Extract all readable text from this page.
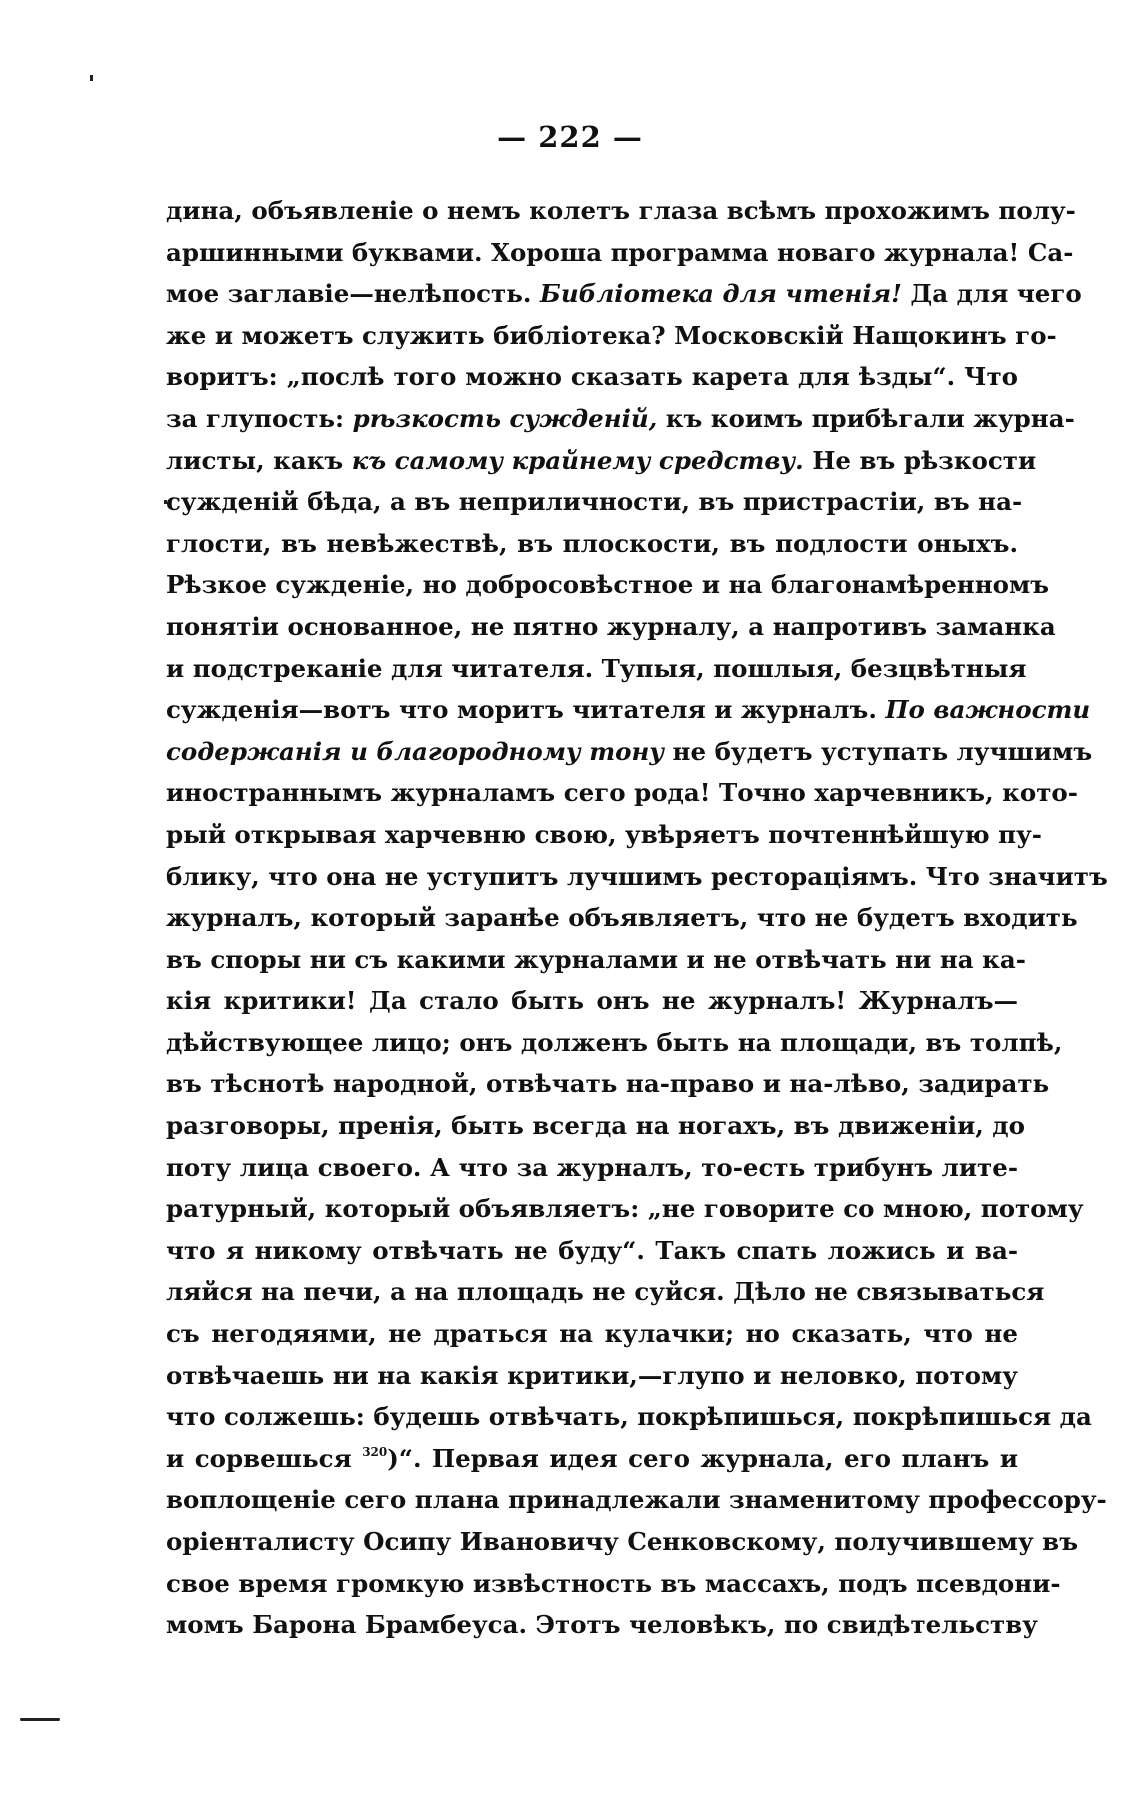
— 222 —
дина, объявленіе о немъ колетъ глаза всѣмъ прохожимъ полу-
аршинными буквами. Хороша программа новаго журнала! Са-
мое заглавіе—нелѣпость. Библіотека для чтенія! Да для чего
же и можетъ служить библіотека? Московскій Нащокинъ го-
воритъ: „послѣ того можно сказать карета для ѣзды“. Что
за глупость: рѣзкость сужденій, къ коимъ прибѣгали журна-
листы, какъ къ самому крайнему средству. Не въ рѣзкости
сужденій бѣда, а въ неприличности, въ пристрастіи, въ на-
глости, въ невѣжествѣ, въ плоскости, въ подлости оныхъ.
Рѣзкое сужденіе, но добросовѣстное и на благонамѣренномъ
понятіи основанное, не пятно журналу, а напротивъ заманка
и подстреканіе для читателя. Тупыя, пошлыя, безцвѣтныя
сужденія—вотъ что моритъ читателя и журналъ. По важности
содержанія и благородному тону не будетъ уступать лучшимъ
иностраннымъ журналамъ сего рода! Точно харчевникъ, кото-
рый открывая харчевню свою, увѣряетъ почтеннѣйшую пу-
блику, что она не уступитъ лучшимъ ресторацiямъ. Что значитъ
журналъ, который заранѣе объявляетъ, что не будетъ входить
въ споры ни съ какими журналами и не отвѣчать ни на ка-
кія критики! Да стало быть онъ не журналъ! Журналъ—
дѣйствующее лицо; онъ долженъ быть на площади, въ толпѣ,
въ тѣснотѣ народной, отвѣчать на-право и на-лѣво, задирать
разговоры, пренія, быть всегда на ногахъ, въ движеніи, до
поту лица своего. А что за журналъ, то-есть трибунъ лите-
ратурный, который объявляетъ: „не говорите со мною, потому
что я никому отвѣчать не буду“. Такъ спать ложись и ва-
ляйся на печи, а на площадь не суйся. Дѣло не связываться
съ негодяями, не драться на кулачки; но сказать, что не
отвѣчаешь ни на какія критики,—глупо и неловко, потому
что солжешь: будешь отвѣчать, покрѣпишься, покрѣпишься да
и сорвешься $^{320}$)“. Первая идея сего журнала, его планъ и
воплощеніе сего плана принадлежали знаменитому профессору-
оріенталисту Осипу Ивановичу Сенковскому, получившему въ
свое время громкую извѣстность въ массахъ, подъ псевдони-
момъ Барона Брамбеуса. Этотъ человѣкъ, по свидѣтельству
